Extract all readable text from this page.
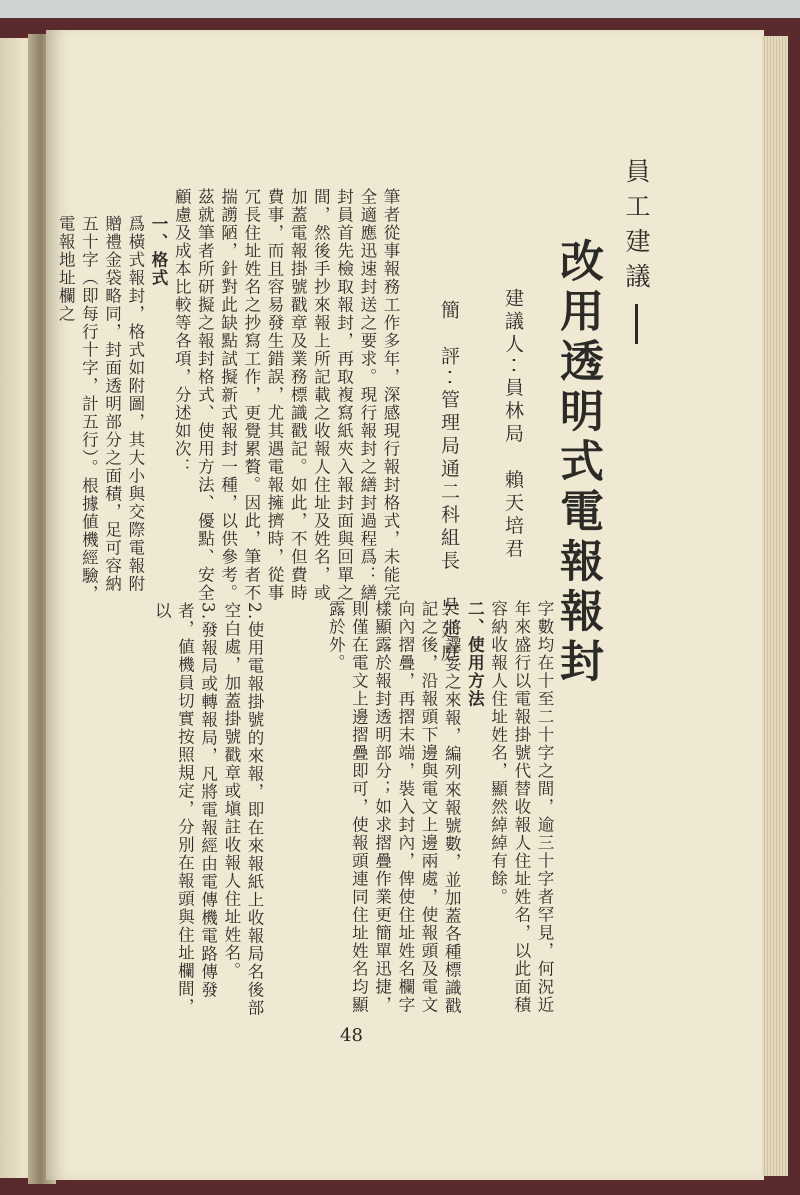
員工建議
改用透明式電報報封
建議人‧‧員林局　賴天培君
簡　評‧‧管理局通二科組長　吳延庭

字數均在十至二十字之間，逾三十字者罕見，何況近年來盛行以電報掛號代替收報人住址姓名，以此面積容納收報人住址姓名，顯然綽綽有餘。

二、使用方法

1.將譯妥之來報，編列來報號數，並加蓋各種標識戳記之後，沿報頭下邊與電文上邊兩處，使報頭及電文向內摺疊，再摺末端，裝入封內，俾使住址姓名欄字樣顯露於報封透明部分；如求摺疊作業更簡單迅捷，則僅在電文上邊摺疊即可，使報頭連同住址姓名均顯露於外。

筆者從事報務工作多年，深感現行報封格式，未能完全適應迅速封送之要求。現行報封之繕封過程爲：繕封員首先檢取報封，再取複寫紙夾入報封面與回單之間，然後手抄來報上所記載之收報人住址及姓名，或加蓋電報掛號戳章及業務標識戳記。如此，不但費時費事，而且容易發生錯誤，尤其遇電報擁擠時，從事冗長住址姓名之抄寫工作，更覺累贅。因此，筆者不揣謭陋，針對此缺點試擬新式報封一種，以供參考。

茲就筆者所研擬之報封格式、使用方法、優點、安全顧慮及成本比較等各項，分述如次：

2.使用電報掛號的來報，即在來報紙上收報局名後部空白處，加蓋掛號戳章或塡註收報人住址姓名。

3.發報局或轉報局，凡將電報經由電傳機電路傳發者，値機員切實按照規定，分別在報頭與住址欄間，以

一、格式

爲橫式報封，格式如附圖，其大小與交際電報附贈禮金袋略同，封面透明部分之面積，足可容納五十字（即每行十字，計五行）。根據値機經驗，電報地址欄之

48
